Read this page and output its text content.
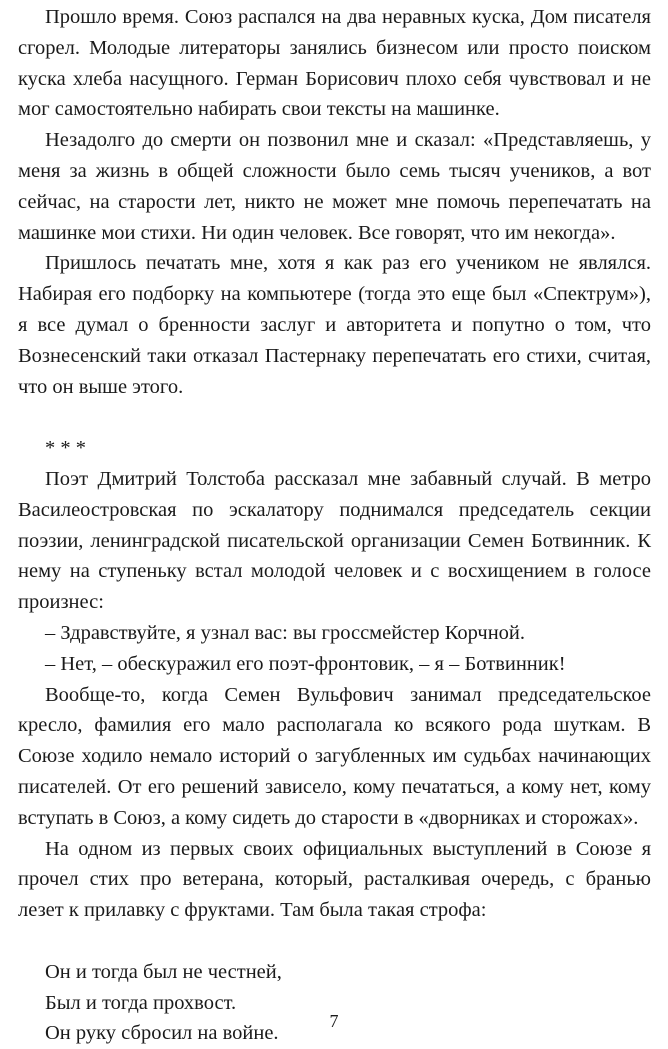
Прошло время. Союз распался на два неравных куска, Дом писателя сгорел. Молодые литераторы занялись бизнесом или просто поиском куска хлеба насущного. Герман Борисович плохо себя чувствовал и не мог самостоятельно набирать свои тексты на машинке.

Незадолго до смерти он позвонил мне и сказал: «Представляешь, у меня за жизнь в общей сложности было семь тысяч учеников, а вот сейчас, на старости лет, никто не может мне помочь перепечатать на машинке мои стихи. Ни один человек. Все говорят, что им некогда».

Пришлось печатать мне, хотя я как раз его учеником не являлся. Набирая его подборку на компьютере (тогда это еще был «Спектрум»), я все думал о бренности заслуг и авторитета и попутно о том, что Вознесенский таки отказал Пастернаку перепечатать его стихи, считая, что он выше этого.

* * *

Поэт Дмитрий Толстоба рассказал мне забавный случай. В метро Василеостровская по эскалатору поднимался председатель секции поэзии, ленинградской писательской организации Семен Ботвинник. К нему на ступеньку встал молодой человек и с восхищением в голосе произнес:

– Здравствуйте, я узнал вас: вы гроссмейстер Корчной.

– Нет, – обескуражил его поэт-фронтовик, – я – Ботвинник!

Вообще-то, когда Семен Вульфович занимал председательское кресло, фамилия его мало располагала ко всякого рода шуткам. В Союзе ходило немало историй о загубленных им судьбах начинающих писателей. От его решений зависело, кому печататься, а кому нет, кому вступать в Союз, а кому сидеть до старости в «дворниках и сторожах».

На одном из первых своих официальных выступлений в Союзе я прочел стих про ветерана, который, расталкивая очередь, с бранью лезет к прилавку с фруктами. Там была такая строфа:

Он и тогда был не честней,

Был и тогда прохвост.

Он руку сбросил на войне.

7
